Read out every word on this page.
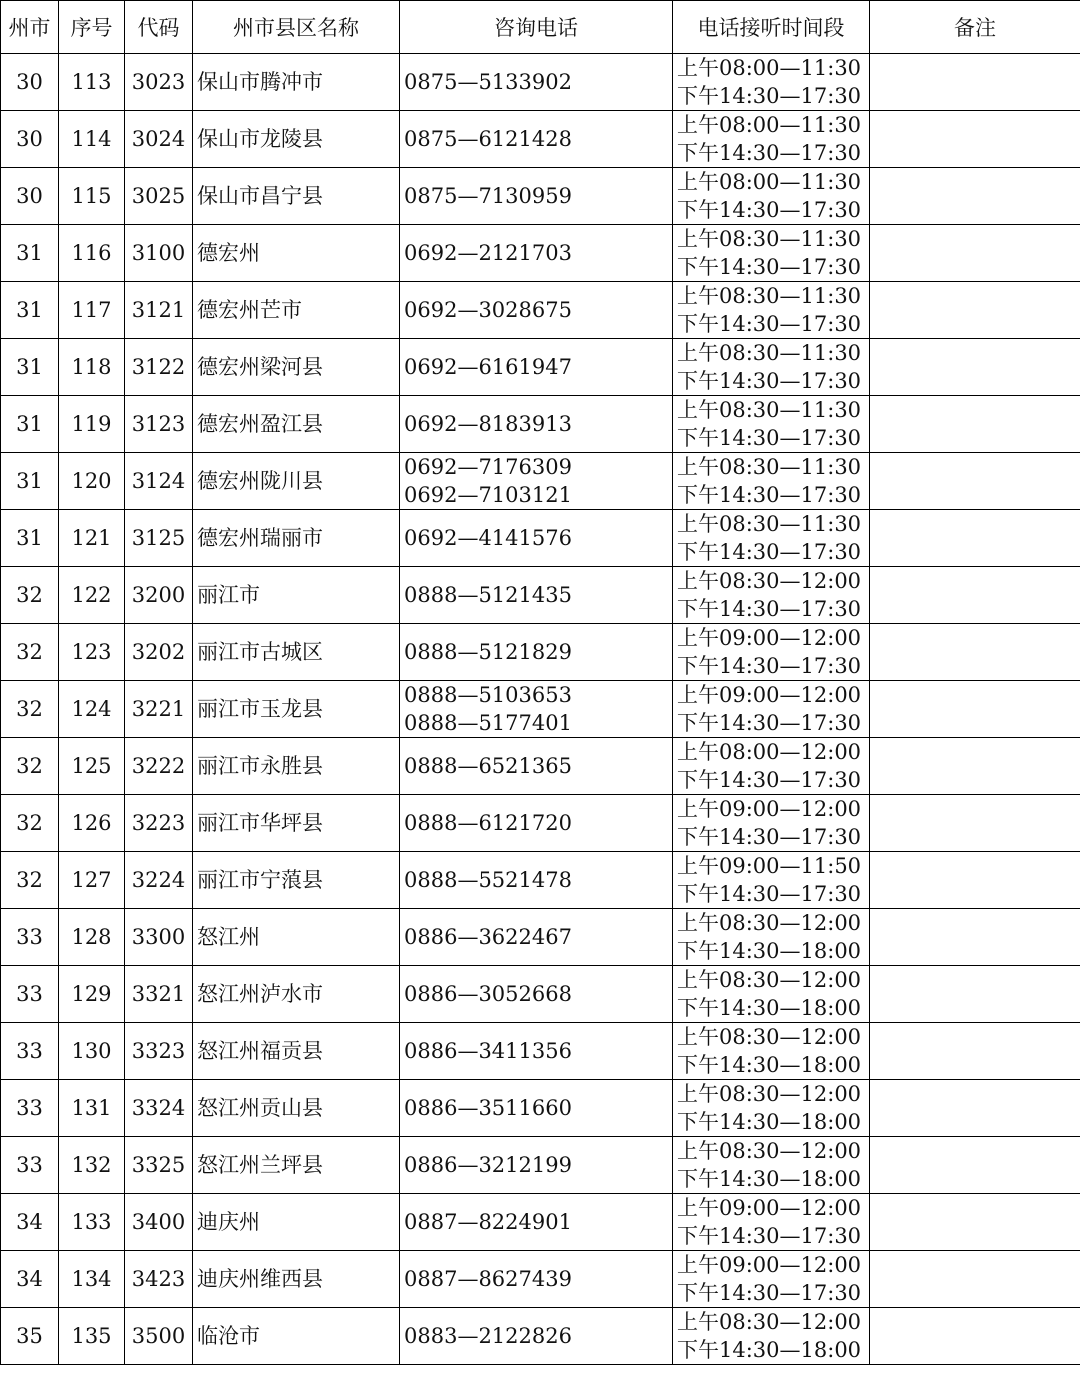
州市	序号	代码	州市县区名称	咨询电话	电话接听时间段	备注
30	113	3023	保山市腾冲市	0875—5133902	上午08:00—11:30
下午14:30—17:30	

30	114	3024	保山市龙陵县	0875—6121428	上午08:00—11:30
下午14:30—17:30	

30	115	3025	保山市昌宁县	0875—7130959	上午08:00—11:30
下午14:30—17:30	

31	116	3100	德宏州	0692—2121703	上午08:30—11:30
下午14:30—17:30	

31	117	3121	德宏州芒市	0692—3028675	上午08:30—11:30
下午14:30—17:30	

31	118	3122	德宏州梁河县	0692—6161947	上午08:30—11:30
下午14:30—17:30	

31	119	3123	德宏州盈江县	0692—8183913	上午08:30—11:30
下午14:30—17:30	

31	120	3124	德宏州陇川县	0692—7176309
0692—7103121	上午08:30—11:30
下午14:30—17:30	

31	121	3125	德宏州瑞丽市	0692—4141576	上午08:30—11:30
下午14:30—17:30	

32	122	3200	丽江市	0888—5121435	上午08:30—12:00
下午14:30—17:30	

32	123	3202	丽江市古城区	0888—5121829	上午09:00—12:00
下午14:30—17:30	

32	124	3221	丽江市玉龙县	0888—5103653
0888—5177401	上午09:00—12:00
下午14:30—17:30	

32	125	3222	丽江市永胜县	0888—6521365	上午08:00—12:00
下午14:30—17:30	

32	126	3223	丽江市华坪县	0888—6121720	上午09:00—12:00
下午14:30—17:30	

32	127	3224	丽江市宁蒗县	0888—5521478	上午09:00—11:50
下午14:30—17:30	

33	128	3300	怒江州	0886—3622467	上午08:30—12:00
下午14:30—18:00	

33	129	3321	怒江州泸水市	0886—3052668	上午08:30—12:00
下午14:30—18:00	

33	130	3323	怒江州福贡县	0886—3411356	上午08:30—12:00
下午14:30—18:00	

33	131	3324	怒江州贡山县	0886—3511660	上午08:30—12:00
下午14:30—18:00	

33	132	3325	怒江州兰坪县	0886—3212199	上午08:30—12:00
下午14:30—18:00	

34	133	3400	迪庆州	0887—8224901	上午09:00—12:00
下午14:30—17:30	

34	134	3423	迪庆州维西县	0887—8627439	上午09:00—12:00
下午14:30—17:30	

35	135	3500	临沧市	0883—2122826	上午08:30—12:00
下午14:30—18:00	
